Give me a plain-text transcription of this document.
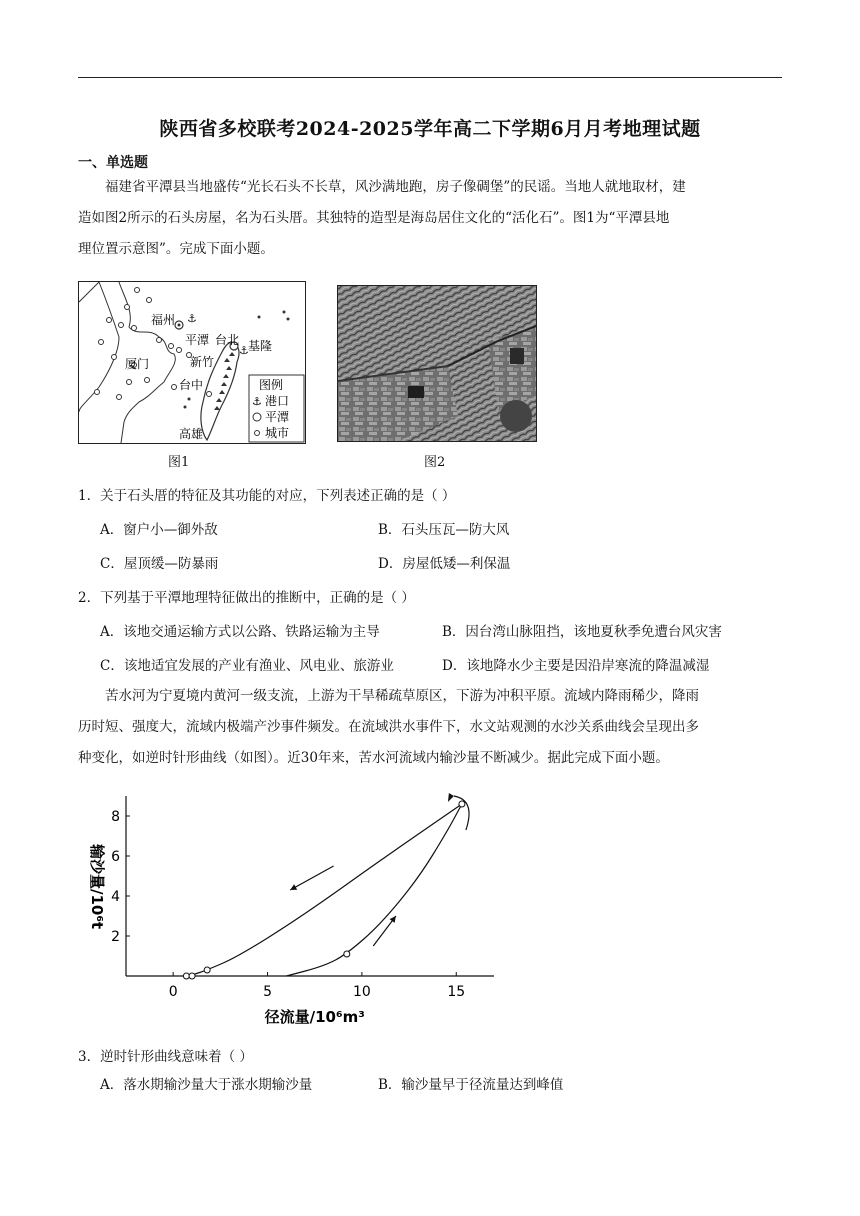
陕西省多校联考2024-2025学年高二下学期6月月考地理试题
一、单选题
福建省平潭县当地盛传“光长石头不长草，风沙满地跑，房子像碉堡”的民谣。当地人就地取材，建
造如图2所示的石头房屋，名为石头厝。其独特的造型是海岛居住文化的“活化石”。图1为“平潭县地
理位置示意图”。完成下面小题。
⚓
⚓
福州
平潭 台北 基隆
厦门	新竹
台中
高雄
图例
⚓ 港口
平潭
城市
图1	图2
1．关于石头厝的特征及其功能的对应，下列表述正确的是（ ）
A．窗户小—御外敌	B．石头压瓦—防大风
C．屋顶缓—防暴雨	D．房屋低矮—利保温
2．下列基于平潭地理特征做出的推断中，正确的是（ ）
A．该地交通运输方式以公路、铁路运输为主导	B．因台湾山脉阻挡，该地夏秋季免遭台风灾害
C．该地适宜发展的产业有渔业、风电业、旅游业	D．该地降水少主要是因沿岸寒流的降温减湿
苦水河为宁夏境内黄河一级支流，上游为干旱稀疏草原区，下游为冲积平原。流域内降雨稀少，降雨
历时短、强度大，流域内极端产沙事件频发。在流域洪水事件下，水文站观测的水沙关系曲线会呈现出多
种变化，如逆时针形曲线（如图）。近30年来，苦水河流域内输沙量不断减少。据此完成下面小题。
0	5	10	15
2
4
6
8
输沙量/10⁶t
径流量/10⁶m³
3．逆时针形曲线意味着（ ）
A．落水期输沙量大于涨水期输沙量	B．输沙量早于径流量达到峰值
